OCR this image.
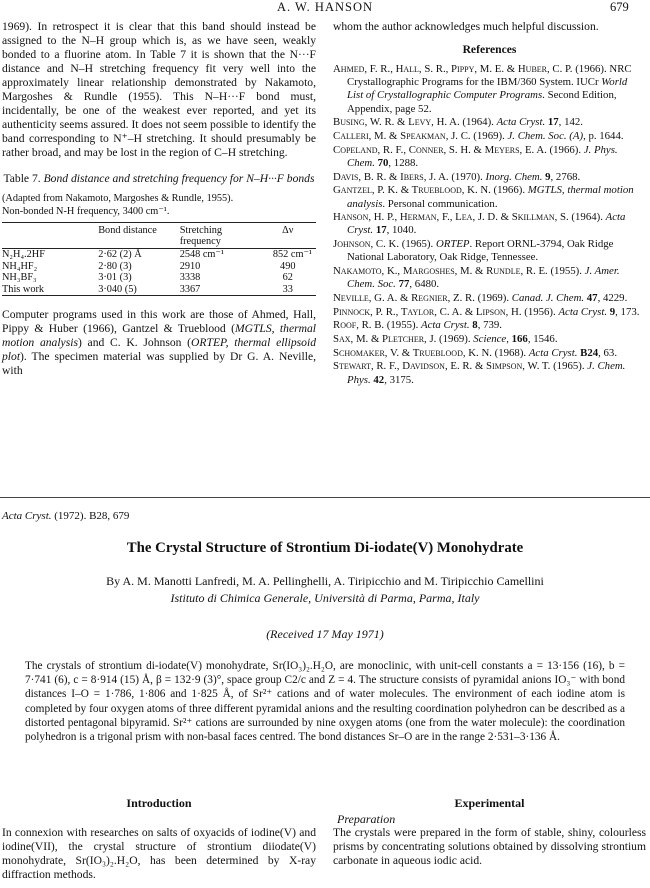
A. W. HANSON	679

1969). In retrospect it is clear that this band should instead be assigned to the N–H group which is, as we have seen, weakly bonded to a fluorine atom. In Table 7 it is shown that the N···F distance and N–H stretching frequency fit very well into the approximately linear relationship demonstrated by Nakamoto, Margoshes & Rundle (1955). This N–H···F bond must, incidentally, be one of the weakest ever reported, and yet its authenticity seems assured. It does not seem possible to identify the band corresponding to N⁺–H stretching. It should presumably be rather broad, and may be lost in the region of C–H stretching.

Table 7. Bond distance and stretching frequency for N–H···F bonds
(Adapted from Nakamoto, Margoshes & Rundle, 1955).
Non-bonded N-H frequency, 3400 cm⁻¹.
	Bond distance	Stretching frequency	Δν
N₂H₄.2HF	2·62 (2) Å	2548 cm⁻¹	852 cm⁻¹
NH₄HF₂	2·80 (3)	2910	490
NH₃BF₃	3·01 (3)	3338	62
This work	3·040 (5)	3367	33

Computer programs used in this work are those of Ahmed, Hall, Pippy & Huber (1966), Gantzel & Trueblood (MGTLS, thermal motion analysis) and C. K. Johnson (ORTEP, thermal ellipsoid plot). The specimen material was supplied by Dr G. A. Neville, with

whom the author acknowledges much helpful discussion.

References
Ahmed, F. R., Hall, S. R., Pippy, M. E. & Huber, C. P. (1966). NRC Crystallographic Programs for the IBM/360 System. IUCr World List of Crystallographic Computer Programs. Second Edition, Appendix, page 52.
Busing, W. R. & Levy, H. A. (1964). Acta Cryst. 17, 142.
Calleri, M. & Speakman, J. C. (1969). J. Chem. Soc. (A), p. 1644.
Copeland, R. F., Conner, S. H. & Meyers, E. A. (1966). J. Phys. Chem. 70, 1288.
Davis, B. R. & Ibers, J. A. (1970). Inorg. Chem. 9, 2768.
Gantzel, P. K. & Trueblood, K. N. (1966). MGTLS, thermal motion analysis. Personal communication.
Hanson, H. P., Herman, F., Lea, J. D. & Skillman, S. (1964). Acta Cryst. 17, 1040.
Johnson, C. K. (1965). ORTEP. Report ORNL-3794, Oak Ridge National Laboratory, Oak Ridge, Tennessee.
Nakamoto, K., Margoshes, M. & Rundle, R. E. (1955). J. Amer. Chem. Soc. 77, 6480.
Neville, G. A. & Regnier, Z. R. (1969). Canad. J. Chem. 47, 4229.
Pinnock, P. R., Taylor, C. A. & Lipson, H. (1956). Acta Cryst. 9, 173.
Roof, R. B. (1955). Acta Cryst. 8, 739.
Sax, M. & Pletcher, J. (1969). Science, 166, 1546.
Schomaker, V. & Trueblood, K. N. (1968). Acta Cryst. B24, 63.
Stewart, R. F., Davidson, E. R. & Simpson, W. T. (1965). J. Chem. Phys. 42, 3175.
Acta Cryst. (1972). B28, 679
The Crystal Structure of Strontium Di-iodate(V) Monohydrate
By A. M. Manotti Lanfredi, M. A. Pellinghelli, A. Tiripicchio and M. Tiripicchio Camellini
Istituto di Chimica Generale, Università di Parma, Parma, Italy
(Received 17 May 1971)
The crystals of strontium di-iodate(V) monohydrate, Sr(IO₃)₂.H₂O, are monoclinic, with unit-cell constants a = 13·156 (16), b = 7·741 (6), c = 8·914 (15) Å, β = 132·9 (3)°, space group C2/c and Z = 4. The structure consists of pyramidal anions IO₃⁻ with bond distances I–O = 1·786, 1·806 and 1·825 Å, of Sr²⁺ cations and of water molecules. The environment of each iodine atom is completed by four oxygen atoms of three different pyramidal anions and the resulting coordination polyhedron can be described as a distorted pentagonal bipyramid. Sr²⁺ cations are surrounded by nine oxygen atoms (one from the water molecule): the coordination polyhedron is a trigonal prism with non-basal faces centred. The bond distances Sr–O are in the range 2·531–3·136 Å.
Introduction
In connexion with researches on salts of oxyacids of iodine(V) and iodine(VII), the crystal structure of strontium diiodate(V) monohydrate, Sr(IO₃)₂.H₂O, has been determined by X-ray diffraction methods.
Experimental
Preparation
The crystals were prepared in the form of stable, shiny, colourless prisms by concentrating solutions obtained by dissolving strontium carbonate in aqueous iodic acid.
